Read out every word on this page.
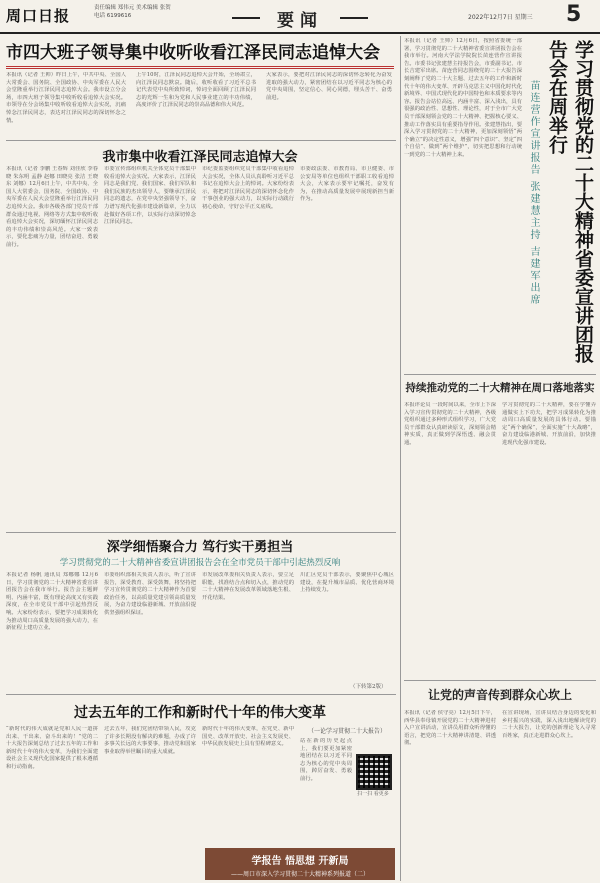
周口日报	责任编辑 郑伟元 美术编辑 张贺
电话 6199616	要闻	2022年12月7日 星期三 5
市四大班子领导集中收听收看江泽民同志追悼大会
本报讯（记者 王帅）昨日上午，中共中央、全国人大常委会、国务院、全国政协、中央军委在人民大会堂隆重举行江泽民同志追悼大会。我市设立分会场，市四大班子领导集中收听收看追悼大会实况。市领导在分会场集中收听收看追悼大会实况，沉痛悼念江泽民同志，表达对江泽民同志的深切怀念之情。
上午10时，江泽民同志追悼大会开始，全场肃立，向江泽民同志默哀。随后，收听收看了习近平总书记代表党中央所致悼词，悼词全面回顾了江泽民同志的光辉一生和为党和人民事业建立的丰功伟绩，高度评价了江泽民同志的崇高品德和伟大风范。
大家表示，要把对江泽民同志的深切怀念转化为奋发进取的强大动力，紧密团结在以习近平同志为核心的党中央周围，坚定信心、同心同德，埋头苦干、奋勇前进。
我市集中收看江泽民同志追悼大会
本报讯（记者 李鹏 王春辉 刘佳欣 李春晓 朱东明 孟静 赵娜 田晓亮 张洁 王晓东 刘娜）12月6日上午，中共中央、全国人大常委会、国务院、全国政协、中央军委在人民大会堂隆重举行江泽民同志追悼大会。我市各级各部门党员干部群众通过电视、网络等方式集中收听收看追悼大会实况，深切缅怀江泽民同志的丰功伟绩和崇高风范。大家一致表示，要化悲痛为力量，团结奋进、勇毅前行。
市委宣传部组织机关全体党员干部集中收看追悼大会实况。大家表示，江泽民同志是我们党、我们国家、我们军队和我们民族的杰出领导人，要继承江泽民同志的遗志，在党中央坚强领导下，奋力谱写现代化强市建设新篇章，全力以赴做好各项工作，以实际行动深切悼念江泽民同志。
市纪委监委组织党员干部集中收看追悼大会实况，全体人员认真聆听习近平总书记在追悼大会上的悼词。大家纷纷表示，将把对江泽民同志的深切怀念化作干事创业的强大动力，以实际行动践行初心使命，守好公平正义底线。
市委政法委、市教育局、市卫健委、市公安局等单位也组织干部职工收看追悼大会，大家表示要牢记嘱托，奋发有为，在推动高质量发展中展现新担当新作为。
深学细悟聚合力 笃行实干勇担当
学习贯彻党的二十大精神省委宣讲团报告会在全市党员干部中引起热烈反响
本报记者 杨帆 通讯员 郑娜娜 12月6日，学习贯彻党的二十大精神省委宣讲团报告会在我市举行。报告会主题鲜明、内涵丰富，既有理论高度又有实践深度，在全市党员干部中引起热烈反响。大家纷纷表示，要把学习成果转化为推动周口高质量发展的强大动力，在新征程上建功立业。
市委组织部相关负责人表示，听了宣讲报告，深受教育、深受鼓舞，将坚持把学习宣传贯彻党的二十大精神作为首要政治任务，以高质量党建引领高质量发展，为奋力建设临港新城、开放前沿提供坚强组织保证。
市发展改革委相关负责人表示，要立足职能，找准结合点和切入点，推动党的二十大精神在发展改革领域落地生根、开花结果。
川汇区党员干部表示，要聚焦中心城区建设，在提升城市品质、优化营商环境上持续发力。
（下转第2版）
过去五年的工作和新时代十年的伟大变革
“新时代的伟大成就是党和人民一道拼出来、干出来、奋斗出来的！”党的二十大报告深刻总结了过去五年的工作和新时代十年的伟大变革，为我们全面建设社会主义现代化国家提供了根本遵循和行动指南。
过去五年，我们党团结带领人民，攻克了许多长期没有解决的难题，办成了许多事关长远的大事要事，推动党和国家事业取得举世瞩目的重大成就。
新时代十年的伟大变革，在党史、新中国史、改革开放史、社会主义发展史、中华民族发展史上具有里程碑意义。
（一论学习贯彻二十大报告）
站在新的历史起点上，我们要更加紧密地团结在以习近平同志为核心的党中央周围，踔厉奋发、勇毅前行。
扫一扫 看更多
学报告 悟思想 开新局
——周口市深入学习贯彻二十大精神系列报道（二）
本报讯（记者 王帅）12月6日，按照省委统一部署，学习贯彻党的二十大精神省委宣讲团报告会在我市举行。河南大学法学院院长苗连营作宣讲报告。市委书记张建慧主持报告会，市委副书记、市长吉建军出席。苗连营同志围绕党的二十大报告深刻阐释了党的二十大主题、过去五年的工作和新时代十年的伟大变革、开辟马克思主义中国化时代化新境界、中国式现代化的中国特色和本质要求等内容。报告会站位高远、内涵丰富、深入浅出，具有很强的政治性、思想性、理论性，对于全市广大党员干部深刻领会党的二十大精神、把握核心要义、推动工作落实具有重要指导作用。张建慧指出，要深入学习贯彻党的二十大精神，更加深刻领悟“两个确立”的决定性意义，增强“四个意识”、坚定“四个自信”、做到“两个维护”，切实把思想和行动统一到党的二十大精神上来。	苗连营作宣讲报告 张建慧主持 吉建军出席	学习贯彻党的二十大精神省委宣讲团报告会在周举行
持续推动党的二十大精神在周口落地落实
本报评论员 一段时间以来，全市上下深入学习宣传贯彻党的二十大精神，各级党组织通过多种形式组织学习，广大党员干部群众认真研读原文，深刻领会精神实质，真正做到学深悟透、融会贯通。
学习贯彻党的二十大精神，要在学懂弄通做实上下功夫，把学习成果转化为推动周口高质量发展的具体行动。要锚定“两个确保”，全面实施“十大战略”，奋力建设临港新城、开放前沿，加快推进现代化强市建设。
让党的声音传到群众心坎上
本报讯（记者 侯守亮）12月5日下午，西华县奉母镇开展党的二十大精神进村入户宣讲活动，宣讲员用群众听得懂的语言，把党的二十大精神讲清楚、讲透彻。
在宣讲现场，宣讲员结合身边的变化和乡村振兴的实践，深入浅出地解读党的二十大报告，让党的创新理论飞入寻常百姓家，真正走进群众心坎上。
